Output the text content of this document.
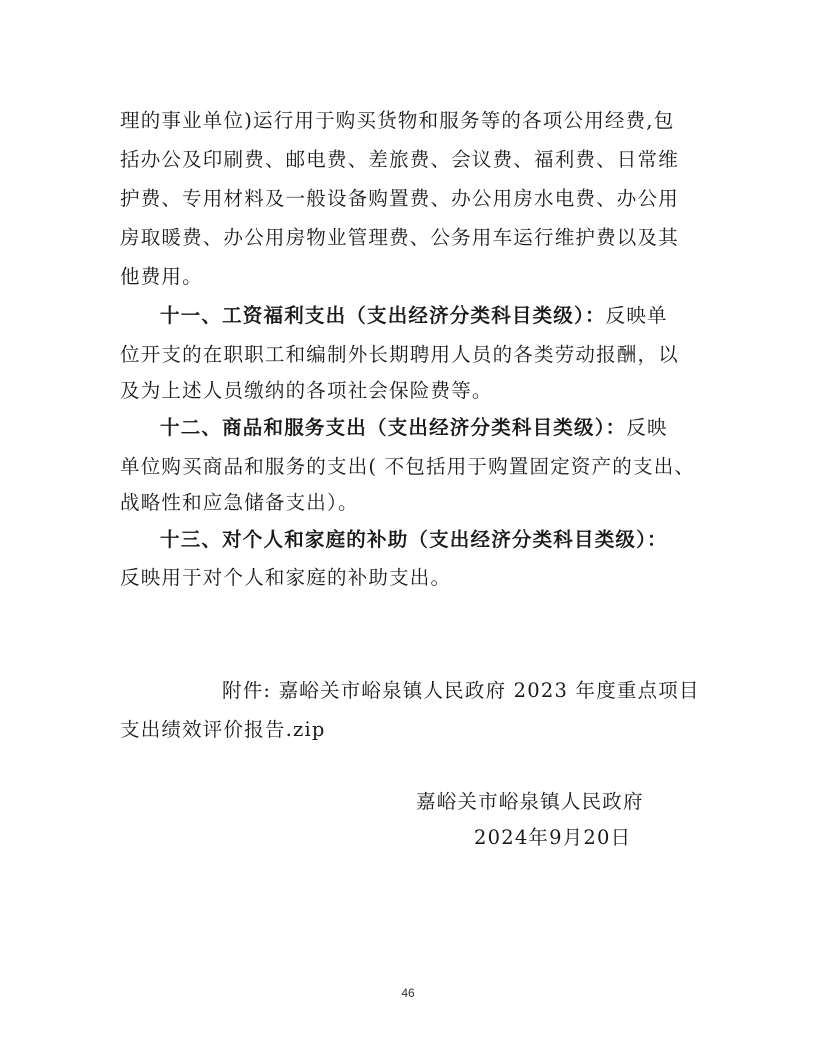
理的事业单位)运行用于购买货物和服务等的各项公用经费,包
括办公及印刷费、邮电费、差旅费、会议费、福利费、日常维
护费、专用材料及一般设备购置费、办公用房水电费、办公用
房取暖费、办公用房物业管理费、公务用车运行维护费以及其
他费用。
十一、工资福利支出（支出经济分类科目类级）：反映单
位开支的在职职工和编制外长期聘用人员的各类劳动报酬，以
及为上述人员缴纳的各项社会保险费等。
十二、商品和服务支出（支出经济分类科目类级）：反映
单位购买商品和服务的支出( 不包括用于购置固定资产的支出、
战略性和应急储备支出）。
十三、对个人和家庭的补助（支出经济分类科目类级）：
反映用于对个人和家庭的补助支出。
附件: 嘉峪关市峪泉镇人民政府 2023 年度重点项目
支出绩效评价报告.zip
嘉峪关市峪泉镇人民政府
2024年9月20日
46
